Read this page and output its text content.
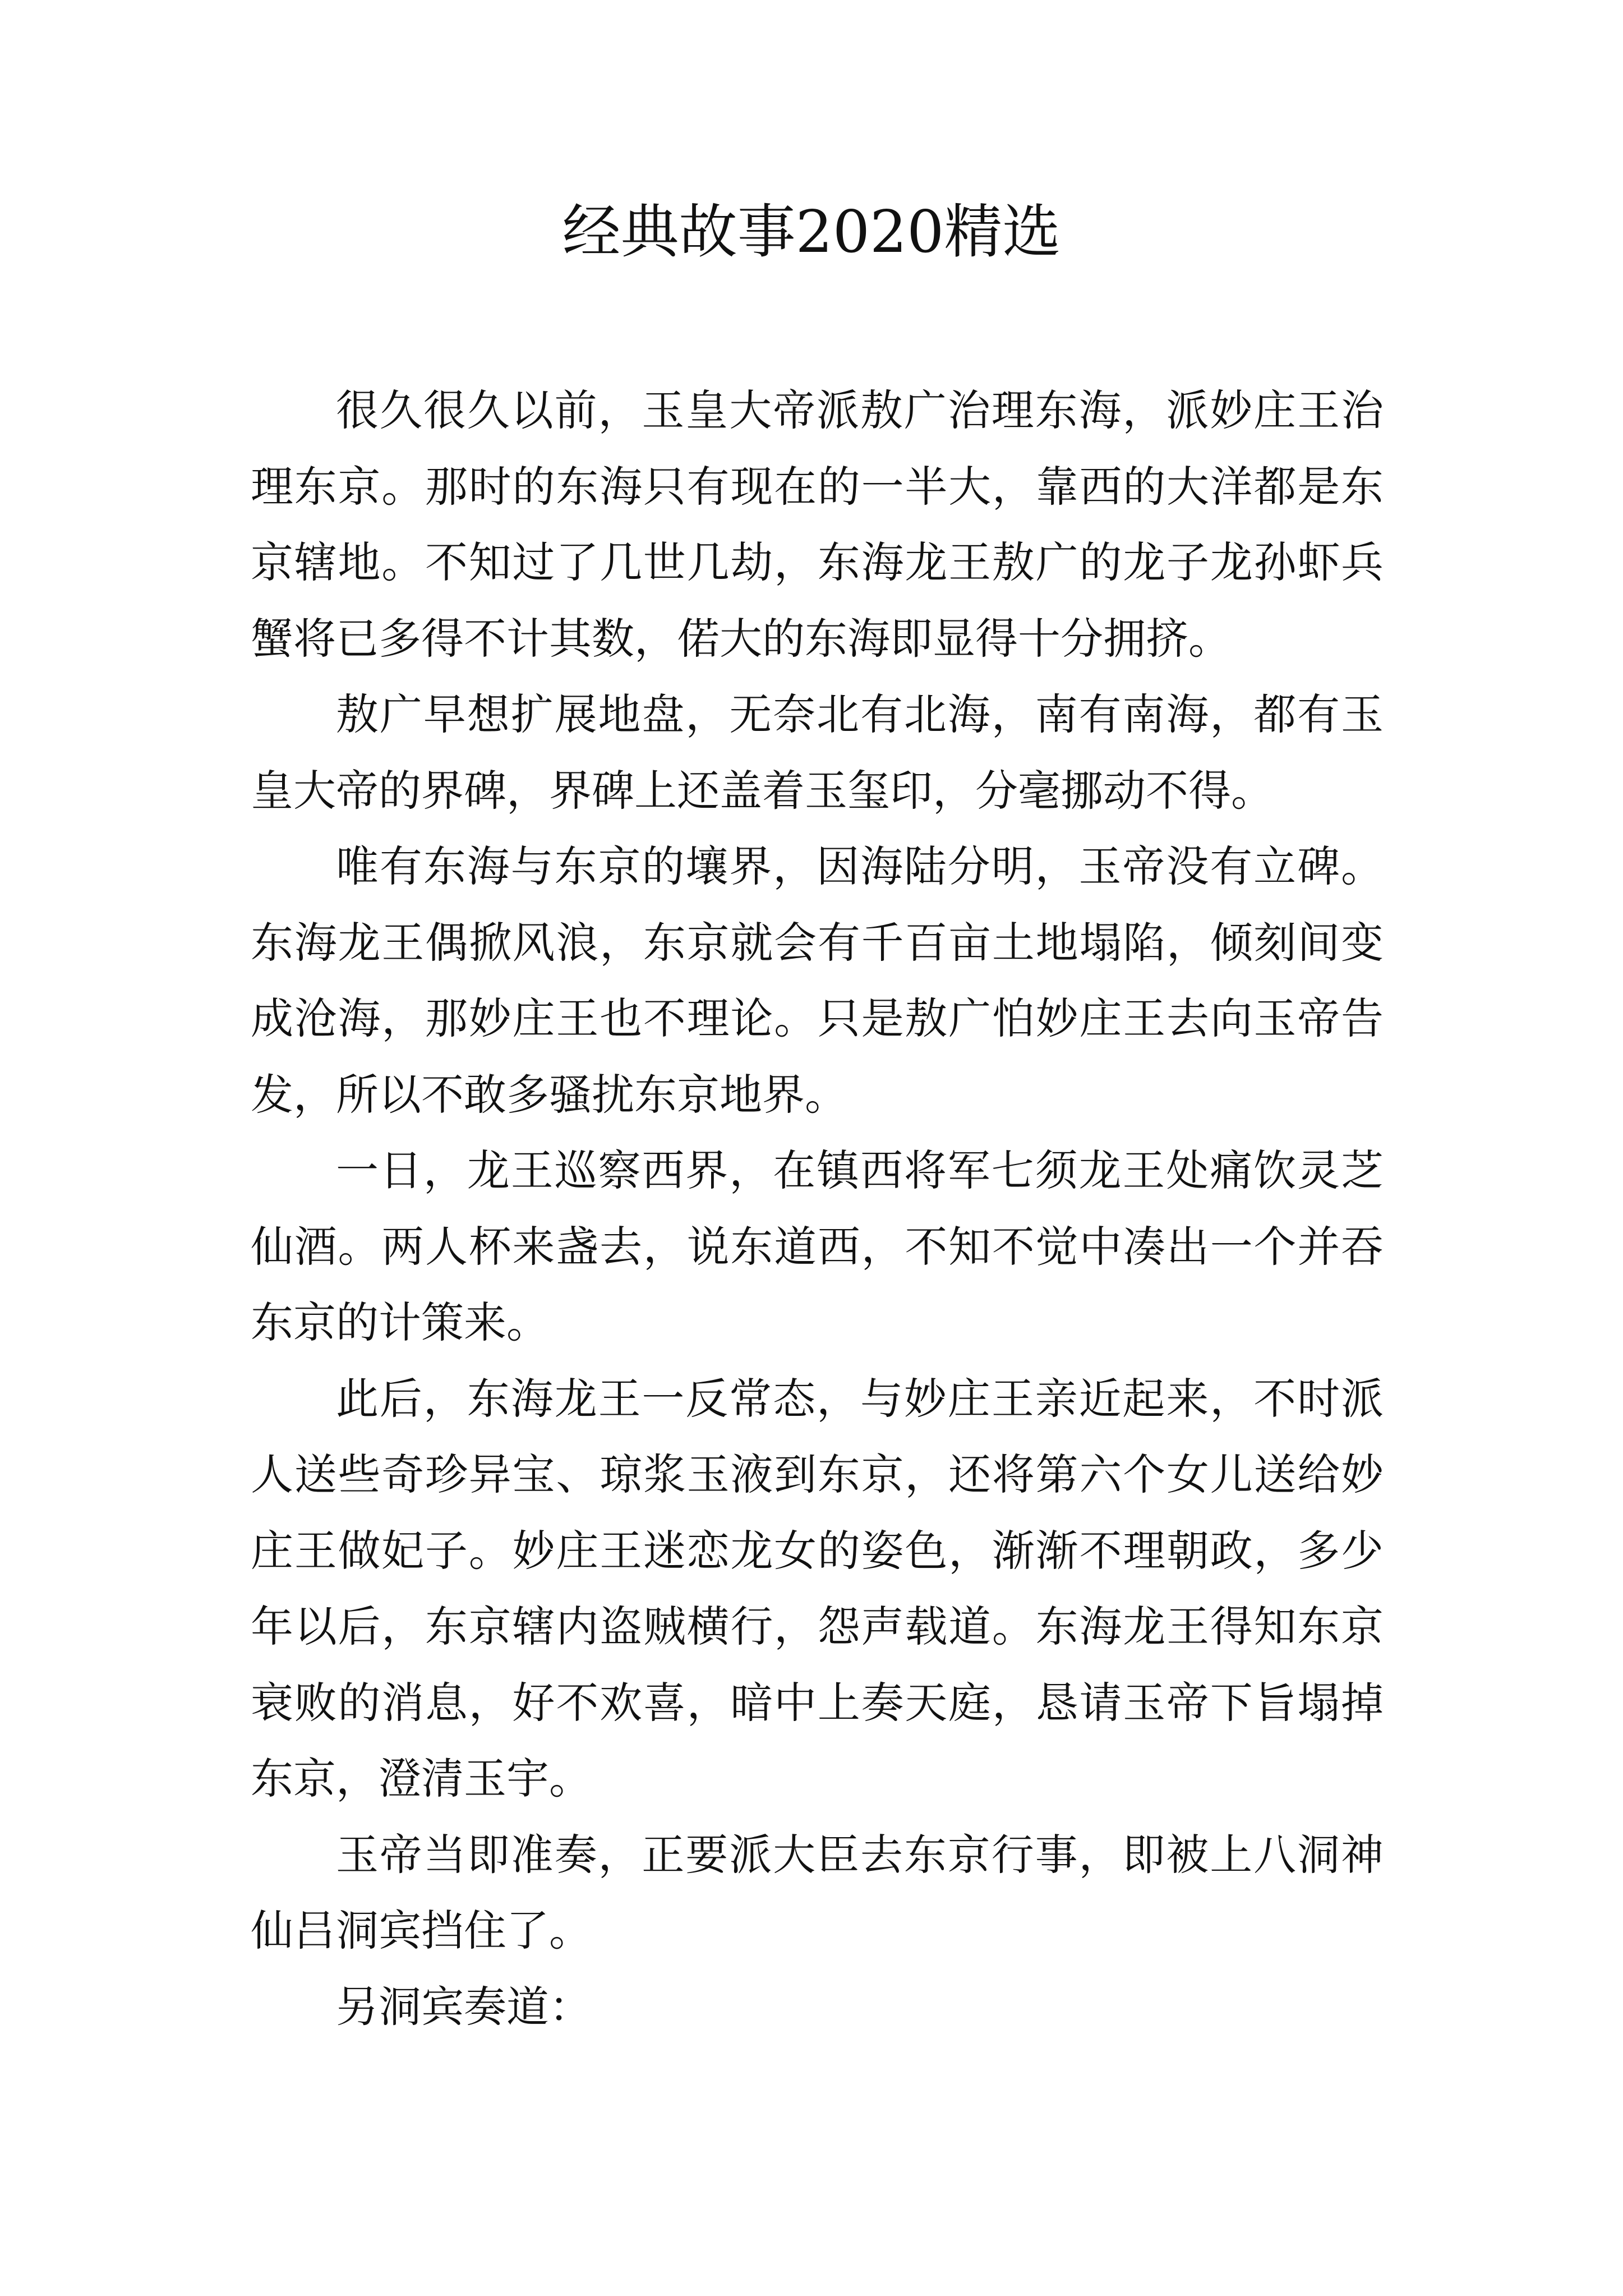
经典故事2020精选

很久很久以前，玉皇大帝派敖广治理东海，派妙庄王治理东京。那时的东海只有现在的一半大，靠西的大洋都是东京辖地。不知过了几世几劫，东海龙王敖广的龙子龙孙虾兵蟹将已多得不计其数，偌大的东海即显得十分拥挤。

敖广早想扩展地盘，无奈北有北海，南有南海，都有玉皇大帝的界碑，界碑上还盖着玉玺印，分毫挪动不得。

唯有东海与东京的壤界，因海陆分明，玉帝没有立碑。东海龙王偶掀风浪，东京就会有千百亩土地塌陷，倾刻间变成沧海，那妙庄王也不理论。只是敖广怕妙庄王去向玉帝告发，所以不敢多骚扰东京地界。

一日，龙王巡察西界，在镇西将军七须龙王处痛饮灵芝仙酒。两人杯来盏去，说东道西，不知不觉中凑出一个并吞东京的计策来。

此后，东海龙王一反常态，与妙庄王亲近起来，不时派人送些奇珍异宝、琼浆玉液到东京，还将第六个女儿送给妙庄王做妃子。妙庄王迷恋龙女的姿色，渐渐不理朝政，多少年以后，东京辖内盗贼横行，怨声载道。东海龙王得知东京衰败的消息，好不欢喜，暗中上奏天庭，恳请玉帝下旨塌掉东京，澄清玉宇。

玉帝当即准奏，正要派大臣去东京行事，即被上八洞神仙吕洞宾挡住了。

另洞宾奏道：
